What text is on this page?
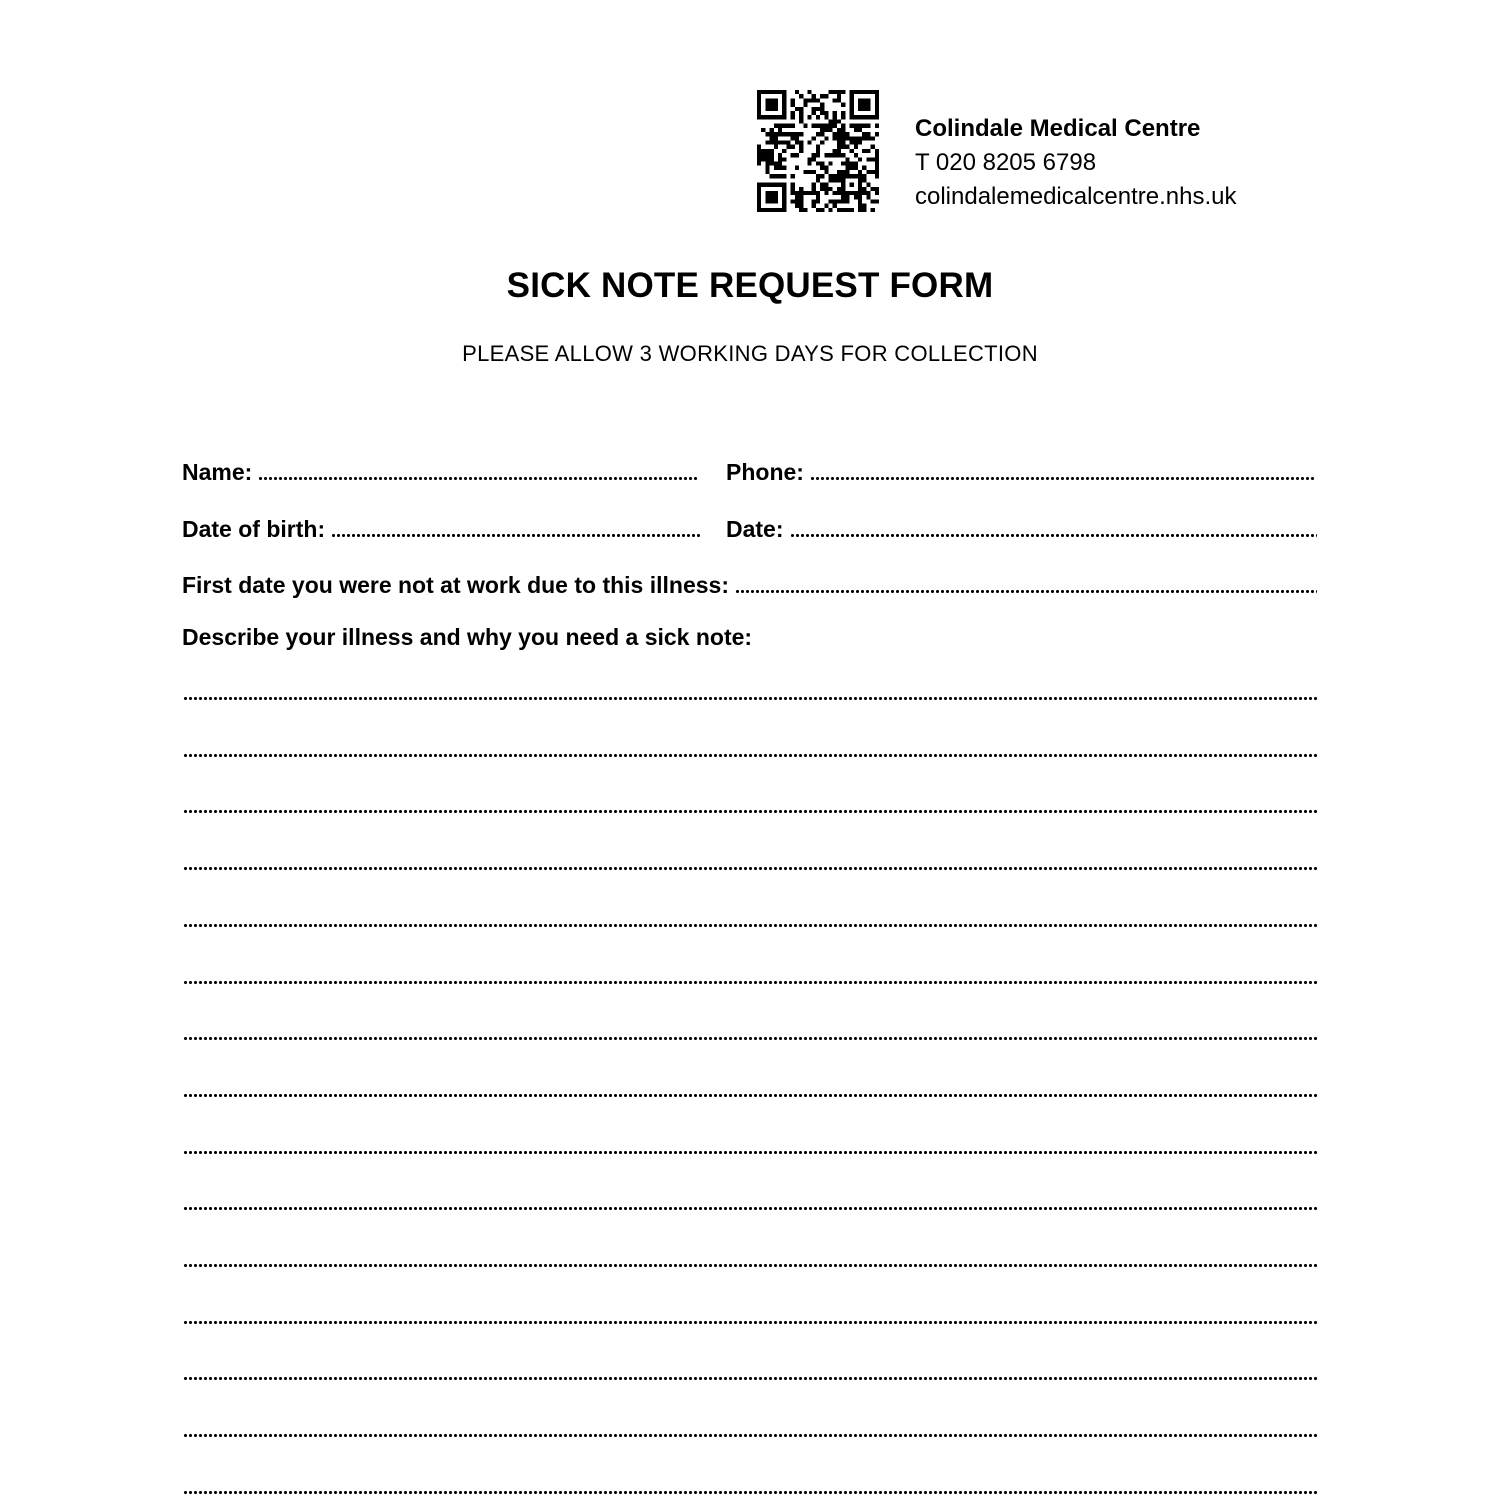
Colindale Medical Centre
T 020 8205 6798
colindalemedicalcentre.nhs.uk
SICK NOTE REQUEST FORM
PLEASE ALLOW 3 WORKING DAYS FOR COLLECTION
Name:	Phone:
Date of birth:	Date:
First date you were not at work due to this illness:
Describe your illness and why you need a sick note:
